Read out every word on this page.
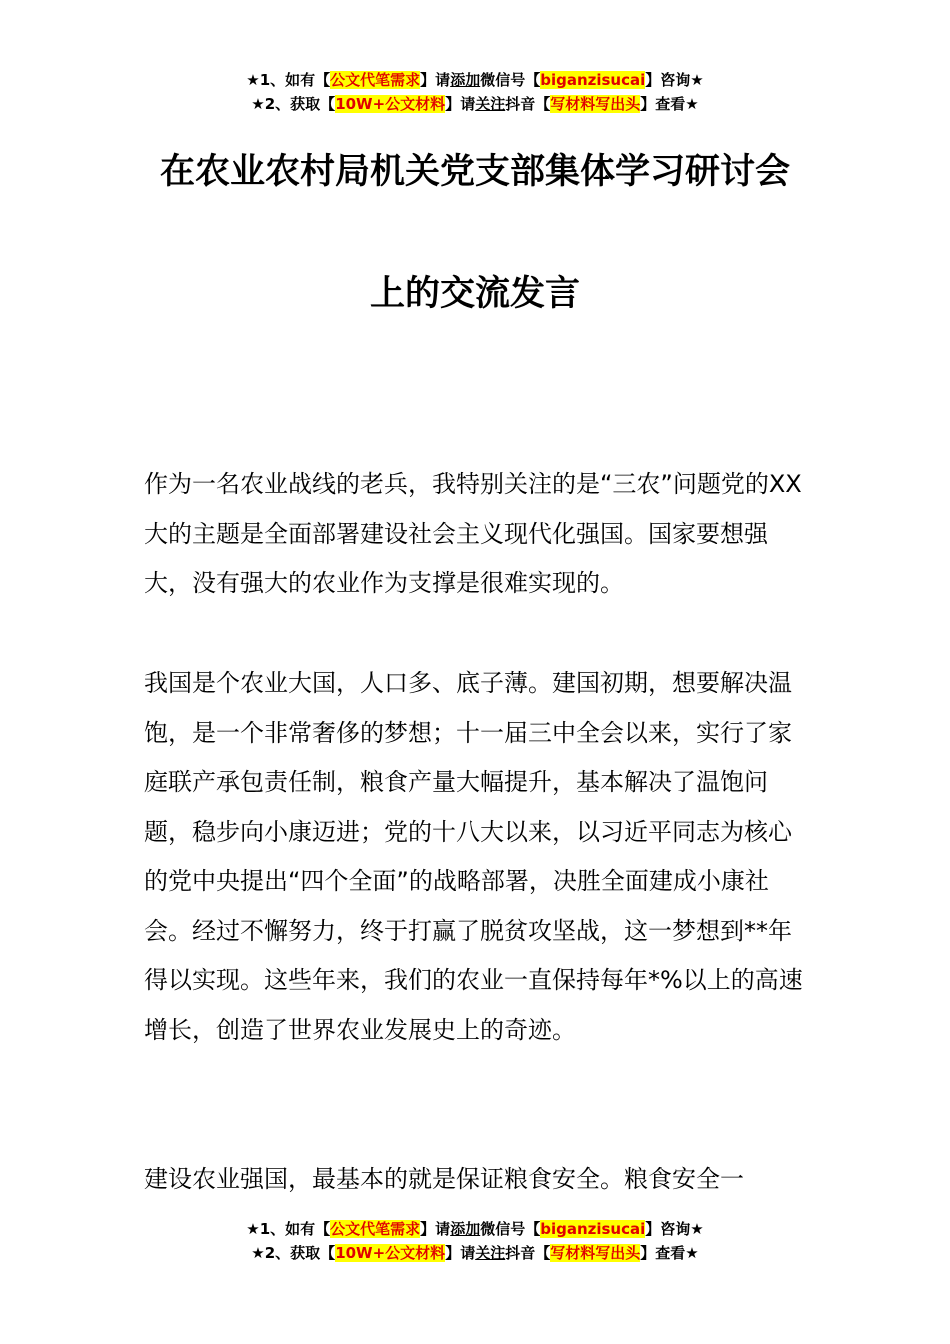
★1、如有【公文代笔需求】请添加微信号【biganzisucai】咨询★
★2、获取【10W+公文材料】请关注抖音【写材料写出头】查看★
在农业农村局机关党支部集体学习研讨会
上的交流发言

作为一名农业战线的老兵，我特别关注的是“三农”问题党的XX大的主题是全面部署建设社会主义现代化强国。国家要想强大，没有强大的农业作为支撑是很难实现的。

我国是个农业大国，人口多、底子薄。建国初期，想要解决温饱，是一个非常奢侈的梦想；十一届三中全会以来，实行了家庭联产承包责任制，粮食产量大幅提升，基本解决了温饱问题，稳步向小康迈进；党的十八大以来，以习近平同志为核心的党中央提出“四个全面”的战略部署，决胜全面建成小康社会。经过不懈努力，终于打赢了脱贫攻坚战，这一梦想到**年得以实现。这些年来，我们的农业一直保持每年*%以上的高速增长，创造了世界农业发展史上的奇迹。

建设农业强国，最基本的就是保证粮食安全。粮食安全一

★1、如有【公文代笔需求】请添加微信号【biganzisucai】咨询★
★2、获取【10W+公文材料】请关注抖音【写材料写出头】查看★
